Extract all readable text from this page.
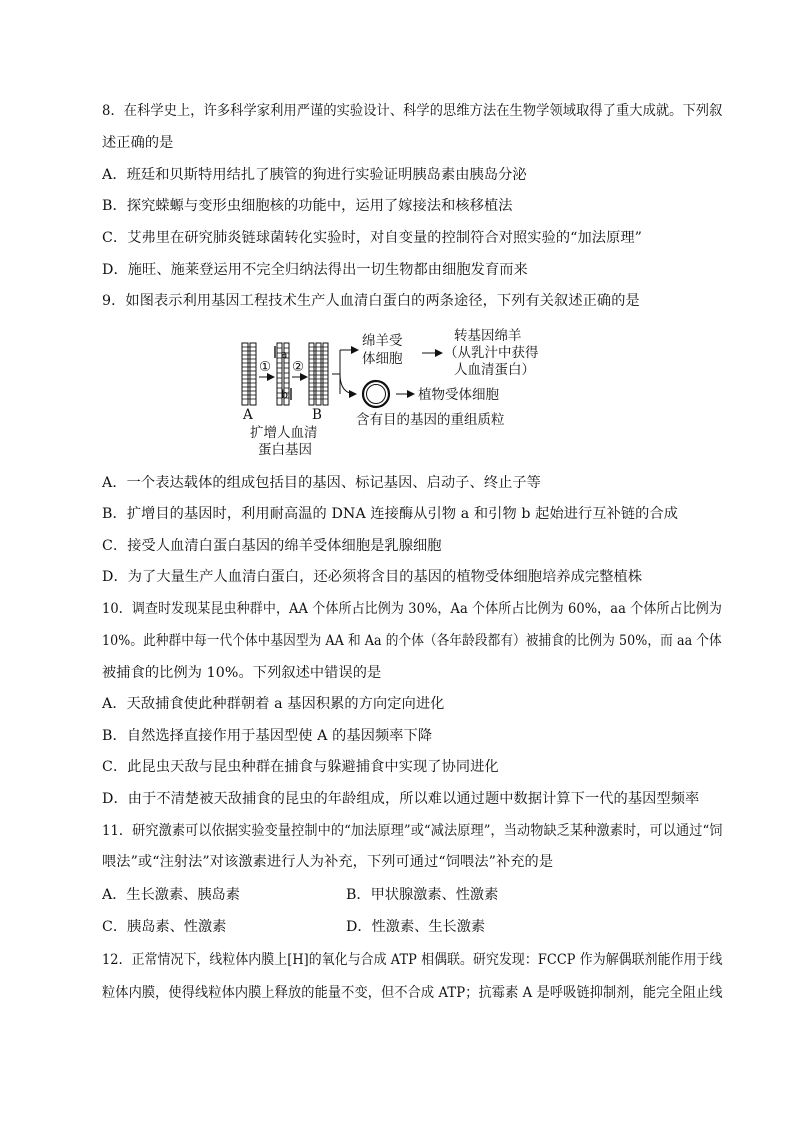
8．在科学史上，许多科学家利用严谨的实验设计、科学的思维方法在生物学领域取得了重大成就。下列叙
述正确的是
A．班廷和贝斯特用结扎了胰管的狗进行实验证明胰岛素由胰岛分泌
B．探究蝾螈与变形虫细胞核的功能中，运用了嫁接法和核移植法
C．艾弗里在研究肺炎链球菌转化实验时，对自变量的控制符合对照实验的“加法原理”
D．施旺、施莱登运用不完全归纳法得出一切生物都由细胞发育而来
9．如图表示利用基因工程技术生产人血清白蛋白的两条途径，下列有关叙述正确的是
①
a
b
②
A	B
扩增人血清
蛋白基因
绵羊受
体细胞
转基因绵羊
（从乳汁中获得
人血清蛋白）
植物受体细胞
含有目的基因的重组质粒
A．一个表达载体的组成包括目的基因、标记基因、启动子、终止子等
B．扩增目的基因时，利用耐高温的 DNA 连接酶从引物 a 和引物 b 起始进行互补链的合成
C．接受人血清白蛋白基因的绵羊受体细胞是乳腺细胞
D．为了大量生产人血清白蛋白，还必须将含目的基因的植物受体细胞培养成完整植株
10．调查时发现某昆虫种群中，AA 个体所占比例为 30%，Aa 个体所占比例为 60%，aa 个体所占比例为
10%。此种群中每一代个体中基因型为 AA 和 Aa 的个体（各年龄段都有）被捕食的比例为 50%，而 aa 个体
被捕食的比例为 10%。下列叙述中错误的是
A．天敌捕食使此种群朝着 a 基因积累的方向定向进化
B．自然选择直接作用于基因型使 A 的基因频率下降
C．此昆虫天敌与昆虫种群在捕食与躲避捕食中实现了协同进化
D．由于不清楚被天敌捕食的昆虫的年龄组成，所以难以通过题中数据计算下一代的基因型频率
11．研究激素可以依据实验变量控制中的“加法原理”或“减法原理”，当动物缺乏某种激素时，可以通过“饲
喂法”或“注射法”对该激素进行人为补充，下列可通过“饲喂法”补充的是
A．生长激素、胰岛素	B．甲状腺激素、性激素
C．胰岛素、性激素	D．性激素、生长激素
12．正常情况下，线粒体内膜上[H]的氧化与合成 ATP 相偶联。研究发现：FCCP 作为解偶联剂能作用于线
粒体内膜，使得线粒体内膜上释放的能量不变，但不合成 ATP；抗霉素 A 是呼吸链抑制剂，能完全阻止线
